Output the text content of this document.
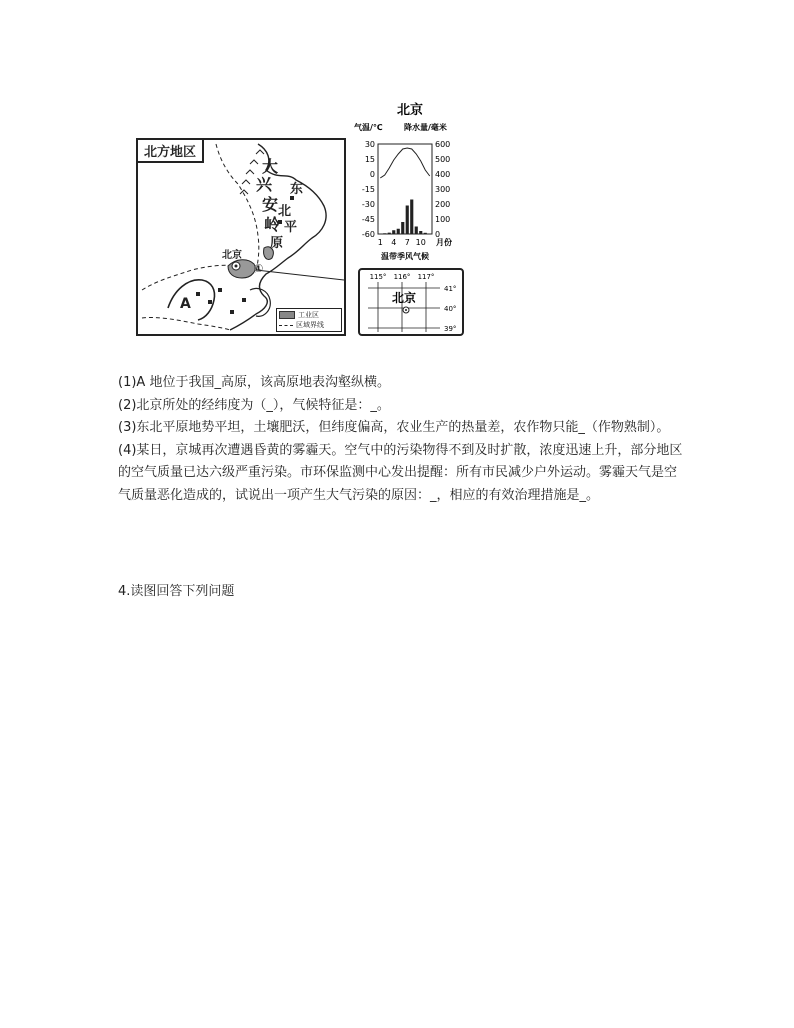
北方地区
大
兴
安
岭
东
北
平
原
北京
A
①
工业区
区域界线
北京
气温/℃	降水量/毫米
30	600
15	500
0	400
-15	300
-30	200
-45	100
-60	0
1 4 7 10 月份
温带季风气候
115° 116° 117°
41°
40°
39°
北京

(1)A 地位于我国_高原，该高原地表沟壑纵横。

(2)北京所处的经纬度为（_），气候特征是：_。

(3)东北平原地势平坦，土壤肥沃，但纬度偏高，农业生产的热量差，农作物只能_（作物熟制）。

(4)某日，京城再次遭遇昏黄的雾霾天。空气中的污染物得不到及时扩散，浓度迅速上升，部分地区的空气质量已达六级严重污染。市环保监测中心发出提醒：所有市民减少户外运动。雾霾天气是空气质量恶化造成的，试说出一项产生大气污染的原因：_，相应的有效治理措施是_。

4.读图回答下列问题
